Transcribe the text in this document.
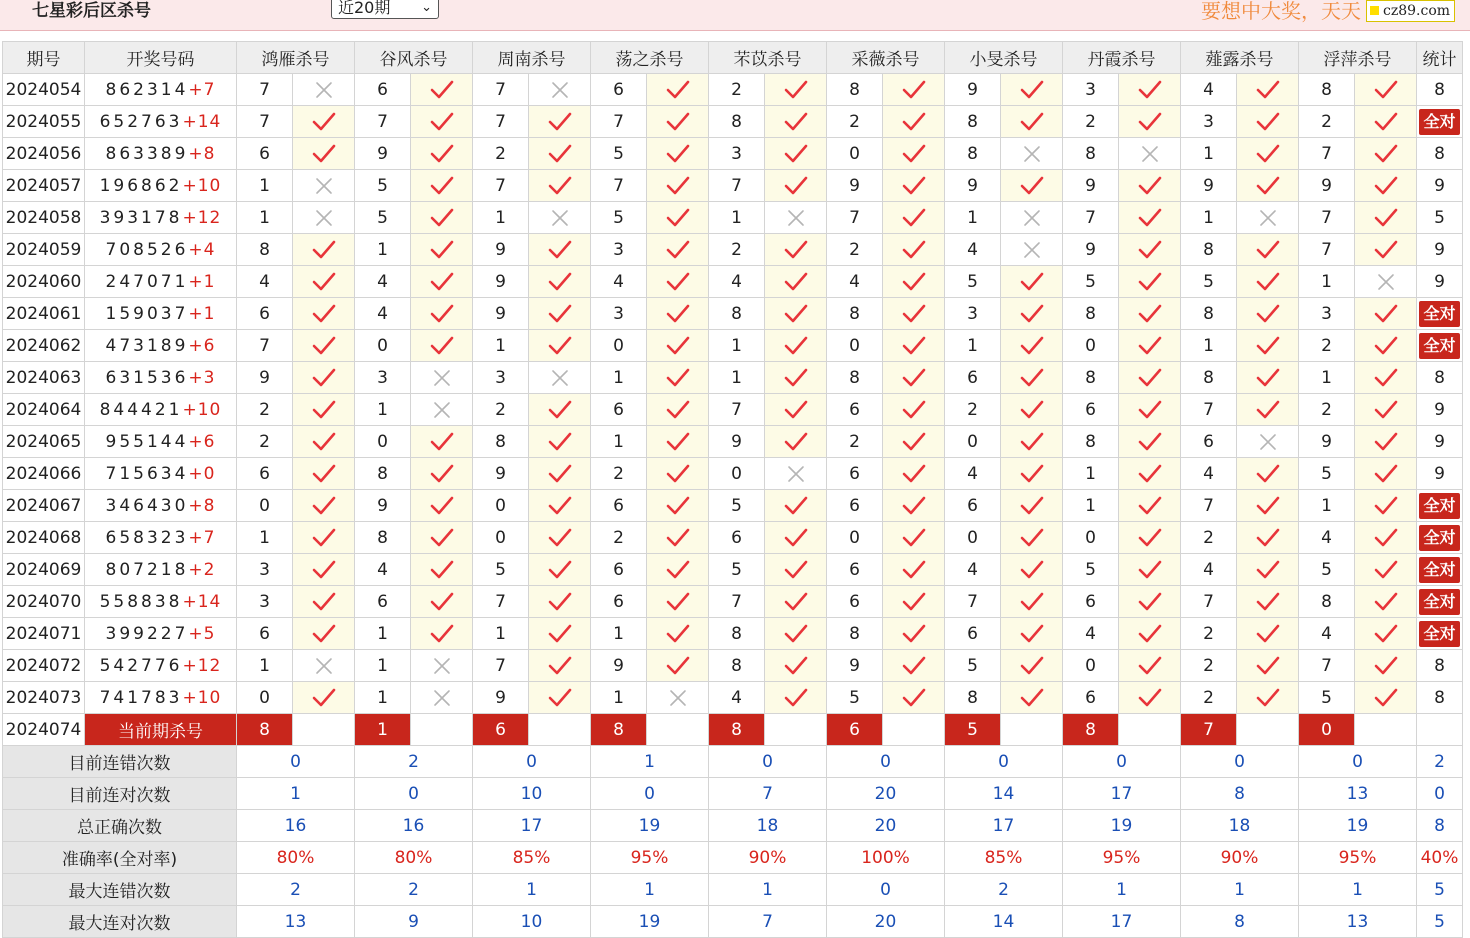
七星彩后区杀号	近20期 ⌄	要想中大奖，天天	cz89.com
期号	开奖号码	鸿雁杀号		谷风杀号		周南杀号		荡之杀号		芣苡杀号		采薇杀号		小旻杀号		丹霞杀号		薤露杀号		浮萍杀号		统计
2024054	862314+7	7		6		7		6		2		8		9		3		4		8		8
2024055	652763+14	7		7		7		7		8		2		8		2		3		2		全对
2024056	863389+8	6		9		2		5		3		0		8		8		1		7		8
2024057	196862+10	1		5		7		7		7		9		9		9		9		9		9
2024058	393178+12	1		5		1		5		1		7		1		7		1		7		5
2024059	708526+4	8		1		9		3		2		2		4		9		8		7		9
2024060	247071+1	4		4		9		4		4		4		5		5		5		1		9
2024061	159037+1	6		4		9		3		8		8		3		8		8		3		全对
2024062	473189+6	7		0		1		0		1		0		1		0		1		2		全对
2024063	631536+3	9		3		3		1		1		8		6		8		8		1		8
2024064	844421+10	2		1		2		6		7		6		2		6		7		2		9
2024065	955144+6	2		0		8		1		9		2		0		8		6		9		9
2024066	715634+0	6		8		9		2		0		6		4		1		4		5		9
2024067	346430+8	0		9		0		6		5		6		6		1		7		1		全对
2024068	658323+7	1		8		0		2		6		0		0		0		2		4		全对
2024069	807218+2	3		4		5		6		5		6		4		5		4		5		全对
2024070	558838+14	3		6		7		6		7		6		7		6		7		8		全对
2024071	399227+5	6		1		1		1		8		8		6		4		2		4		全对
2024072	542776+12	1		1		7		9		8		9		5		0		2		7		8
2024073	741783+10	0		1		9		1		4		5		8		6		2		5		8
2024074	当前期杀号	8		1		6		8		8		6		5		8		7		0		
目前连错次数		0		2		0		1		0		0		0		0		0		0		2
目前连对次数		1		0		10		0		7		20		14		17		8		13		0
总正确次数		16		16		17		19		18		20		17		19		18		19		8
准确率(全对率)		80%		80%		85%		95%		90%		100%		85%		95%		90%		95%		40%
最大连错次数		2		2		1		1		1		0		2		1		1		1		5
最大连对次数		13		9		10		19		7		20		14		17		8		13		5
